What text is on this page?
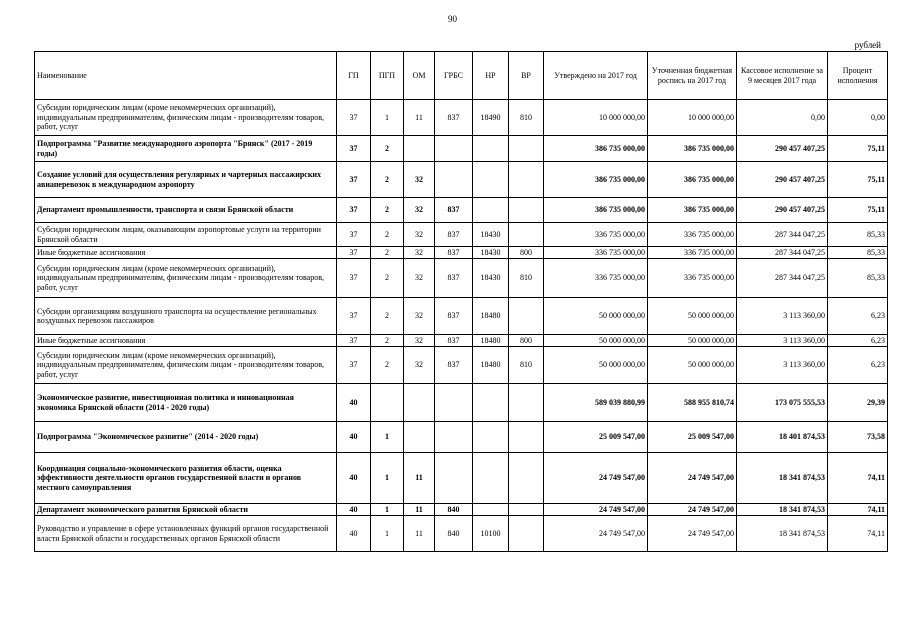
90
рублей
Наименование	ГП	ПГП	ОМ	ГРБС	НР	ВР	Утверждено на 2017 год	Уточненная бюджетная роспись на 2017 год	Кассовое исполнение за 9 месяцев 2017 года	Процент исполнения
Субсидии юридическим лицам (кроме некоммерческих организаций), индивидуальным предпринимателям, физическим лицам - производителям товаров, работ, услуг	37	1	11	837	18490	810	10 000 000,00	10 000 000,00	0,00	0,00
Подпрограмма "Развитие международного аэропорта "Брянск" (2017 - 2019 годы)	37	2					386 735 000,00	386 735 000,00	290 457 407,25	75,11
Создание условий для осуществления регулярных и чартерных пассажирских авиаперевозок в международном аэропорту	37	2	32				386 735 000,00	386 735 000,00	290 457 407,25	75,11
Департамент промышленности, транспорта и связи Брянской области	37	2	32	837			386 735 000,00	386 735 000,00	290 457 407,25	75,11
Субсидии юридическим лицам, оказывающим аэропортовые услуги на территории Брянской области	37	2	32	837	18430		336 735 000,00	336 735 000,00	287 344 047,25	85,33
Иные бюджетные ассигнования	37	2	32	837	18430	800	336 735 000,00	336 735 000,00	287 344 047,25	85,33
Субсидии юридическим лицам (кроме некоммерческих организаций), индивидуальным предпринимателям, физическим лицам - производителям товаров, работ, услуг	37	2	32	837	18430	810	336 735 000,00	336 735 000,00	287 344 047,25	85,33
Субсидии организациям воздушного транспорта на осуществление региональных воздушных перевозок пассажиров	37	2	32	837	18480		50 000 000,00	50 000 000,00	3 113 360,00	6,23
Иные бюджетные ассигнования	37	2	32	837	18480	800	50 000 000,00	50 000 000,00	3 113 360,00	6,23
Субсидии юридическим лицам (кроме некоммерческих организаций), индивидуальным предпринимателям, физическим лицам - производителям товаров, работ, услуг	37	2	32	837	18480	810	50 000 000,00	50 000 000,00	3 113 360,00	6,23
Экономическое развитие, инвестиционная политика и инновационная экономика Брянской области (2014 - 2020 годы)	40						589 039 880,99	588 955 810,74	173 075 555,53	29,39
Подпрограмма "Экономическое развитие" (2014 - 2020 годы)	40	1					25 009 547,00	25 009 547,00	18 401 874,53	73,58
Координация социально-экономического развития области, оценка эффективности деятельности органов государственной власти и органов местного самоуправления	40	1	11				24 749 547,00	24 749 547,00	18 341 874,53	74,11
Департамент экономического развития Брянской области	40	1	11	840			24 749 547,00	24 749 547,00	18 341 874,53	74,11
Руководство и управление в сфере установленных функций органов государственной власти Брянской области и государственных органов Брянской области	40	1	11	840	10100		24 749 547,00	24 749 547,00	18 341 874,53	74,11
